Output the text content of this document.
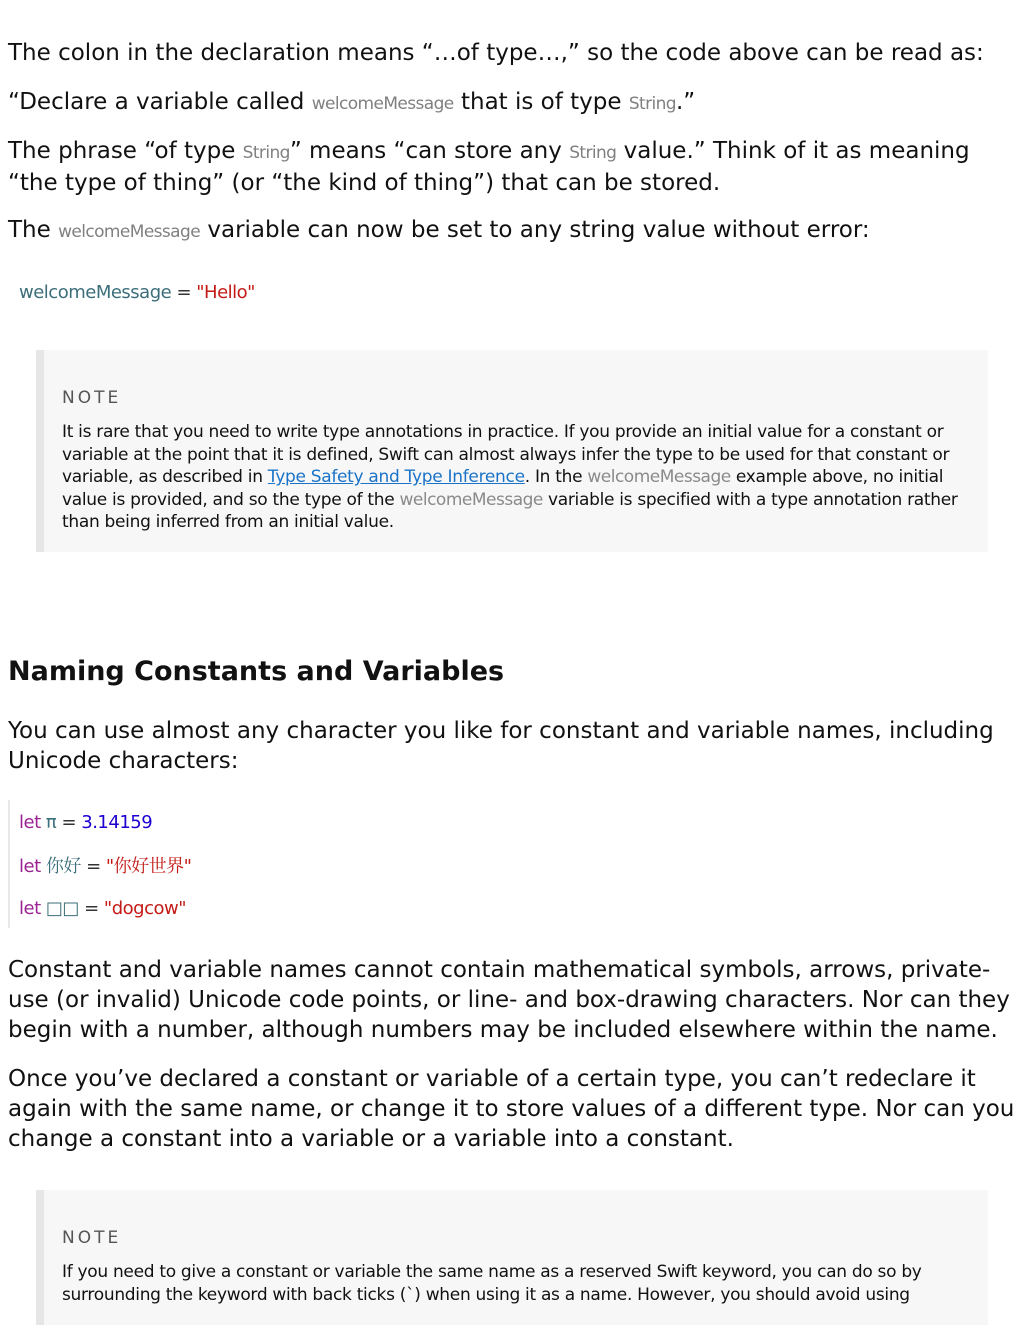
The colon in the declaration means “…of type…,” so the code above can be read as:

“Declare a variable called welcomeMessage that is of type String.”

The phrase “of type String” means “can store any String value.” Think of it as meaning “the type of thing” (or “the kind of thing”) that can be stored.

The welcomeMessage variable can now be set to any string value without error:

welcomeMessage = "Hello"
NOTE
It is rare that you need to write type annotations in practice. If you provide an initial value for a constant or variable at the point that it is defined, Swift can almost always infer the type to be used for that constant or variable, as described in Type Safety and Type Inference. In the welcomeMessage example above, no initial value is provided, and so the type of the welcomeMessage variable is specified with a type annotation rather than being inferred from an initial value.
Naming Constants and Variables

You can use almost any character you like for constant and variable names, including Unicode characters:

let π = 3.14159
let 你好 = "你好世界"
let □□ = "dogcow"

Constant and variable names cannot contain mathematical symbols, arrows, private-use (or invalid) Unicode code points, or line- and box-drawing characters. Nor can they begin with a number, although numbers may be included elsewhere within the name.

Once you’ve declared a constant or variable of a certain type, you can’t redeclare it again with the same name, or change it to store values of a different type. Nor can you change a constant into a variable or a variable into a constant.

NOTE
If you need to give a constant or variable the same name as a reserved Swift keyword, you can do so by surrounding the keyword with back ticks (`) when using it as a name. However, you should avoid using
